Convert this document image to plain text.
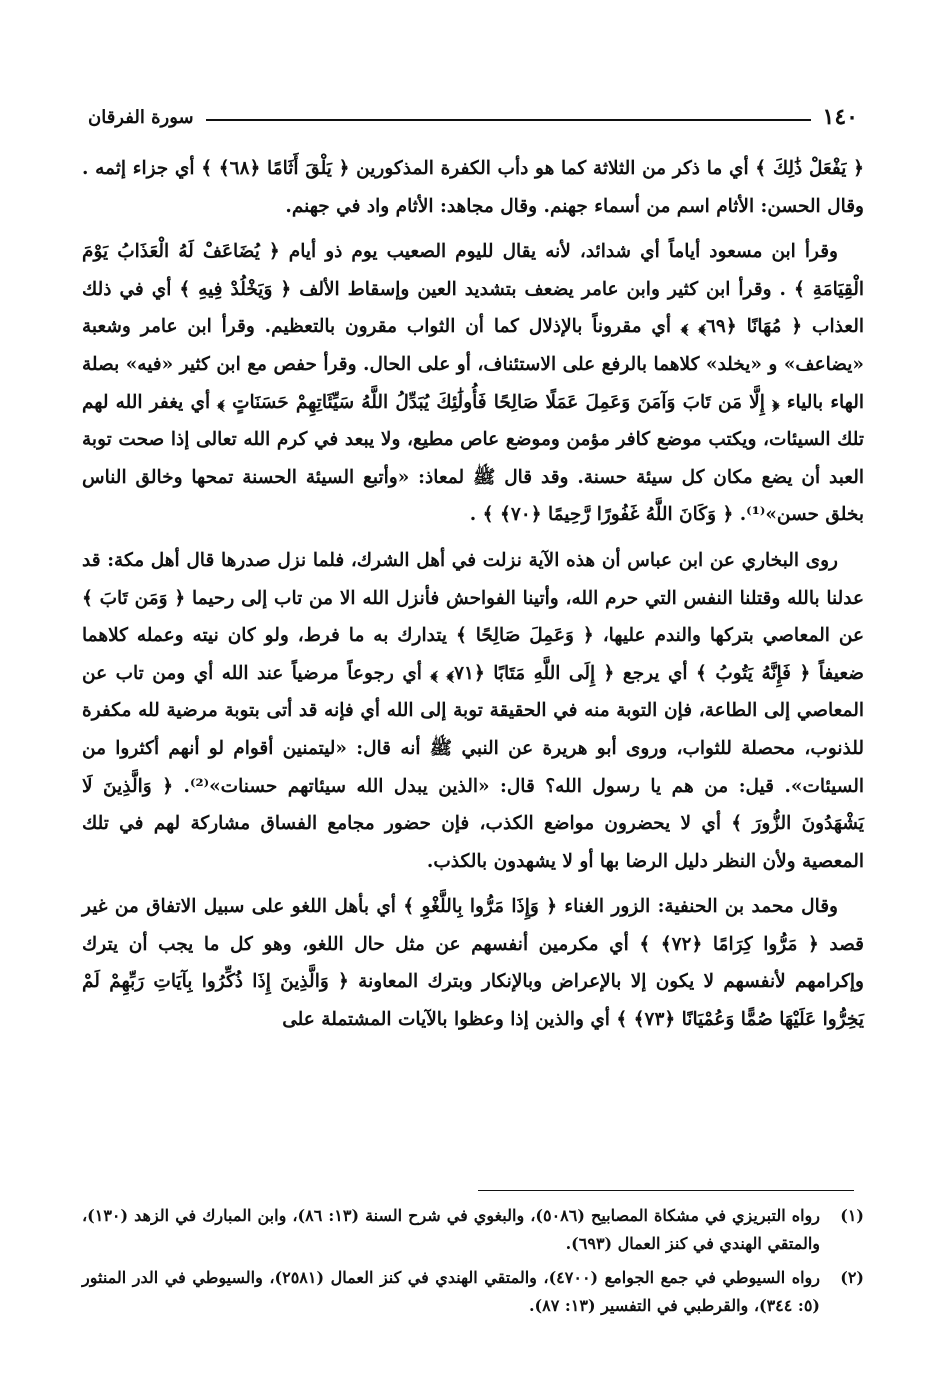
١٤٠
سورة الفرقان

﴿ يَفْعَلْ ذَٰلِكَ ﴾ أي ما ذكر من الثلاثة كما هو دأب الكفرة المذكورين ﴿ يَلْقَ أَثَامًا ﴿٦٨﴾ ﴾ أي جزاء إثمه . وقال الحسن: الأثام اسم من أسماء جهنم. وقال مجاهد: الأثام واد في جهنم.

وقرأ ابن مسعود أياماً أي شدائد، لأنه يقال لليوم الصعيب يوم ذو أيام ﴿ يُضَاعَفْ لَهُ الْعَذَابُ يَوْمَ الْقِيَامَةِ ﴾ . وقرأ ابن كثير وابن عامر يضعف بتشديد العين وإسقاط الألف ﴿ وَيَخْلُدْ فِيهِ ﴾ أي في ذلك العذاب ﴿ مُهَانًا ﴿٦٩﴾ ﴾ أي مقروناً بالإذلال كما أن الثواب مقرون بالتعظيم. وقرأ ابن عامر وشعبة «يضاعف» و «يخلد» كلاهما بالرفع على الاستئناف، أو على الحال. وقرأ حفص مع ابن كثير «فيه» بصلة الهاء بالياء ﴿ إِلَّا مَن تَابَ وَآمَنَ وَعَمِلَ عَمَلًا صَالِحًا فَأُولَٰئِكَ يُبَدِّلُ اللَّهُ سَيِّئَاتِهِمْ حَسَنَاتٍ ﴾ أي يغفر الله لهم تلك السيئات، ويكتب موضع كافر مؤمن وموضع عاص مطيع، ولا يبعد في كرم الله تعالى إذا صحت توبة العبد أن يضع مكان كل سيئة حسنة. وقد قال ﷺ لمعاذ: «وأتبع السيئة الحسنة تمحها وخالق الناس بخلق حسن»⁽¹⁾. ﴿ وَكَانَ اللَّهُ غَفُورًا رَّحِيمًا ﴿٧٠﴾ ﴾ .

روى البخاري عن ابن عباس أن هذه الآية نزلت في أهل الشرك، فلما نزل صدرها قال أهل مكة: قد عدلنا بالله وقتلنا النفس التي حرم الله، وأتينا الفواحش فأنزل الله الا من تاب إلى رحيما ﴿ وَمَن تَابَ ﴾ عن المعاصي بتركها والندم عليها، ﴿ وَعَمِلَ صَالِحًا ﴾ يتدارك به ما فرط، ولو كان نيته وعمله كلاهما ضعيفاً ﴿ فَإِنَّهُ يَتُوبُ ﴾ أي يرجع ﴿ إِلَى اللَّهِ مَتَابًا ﴿٧١﴾ ﴾ أي رجوعاً مرضياً عند الله أي ومن تاب عن المعاصي إلى الطاعة، فإن التوبة منه في الحقيقة توبة إلى الله أي فإنه قد أتى بتوبة مرضية لله مكفرة للذنوب، محصلة للثواب، وروى أبو هريرة عن النبي ﷺ أنه قال: «ليتمنين أقوام لو أنهم أكثروا من السيئات». قيل: من هم يا رسول الله؟ قال: «الذين يبدل الله سيئاتهم حسنات»⁽²⁾. ﴿ وَالَّذِينَ لَا يَشْهَدُونَ الزُّورَ ﴾ أي لا يحضرون مواضع الكذب، فإن حضور مجامع الفساق مشاركة لهم في تلك المعصية ولأن النظر دليل الرضا بها أو لا يشهدون بالكذب.

وقال محمد بن الحنفية: الزور الغناء ﴿ وَإِذَا مَرُّوا بِاللَّغْوِ ﴾ أي بأهل اللغو على سبيل الاتفاق من غير قصد ﴿ مَرُّوا كِرَامًا ﴿٧٢﴾ ﴾ أي مكرمين أنفسهم عن مثل حال اللغو، وهو كل ما يجب أن يترك وإكرامهم لأنفسهم لا يكون إلا بالإعراض وبالإنكار وبترك المعاونة ﴿ وَالَّذِينَ إِذَا ذُكِّرُوا بِآيَاتِ رَبِّهِمْ لَمْ يَخِرُّوا عَلَيْهَا صُمًّا وَعُمْيَانًا ﴿٧٣﴾ ﴾ أي والذين إذا وعظوا بالآيات المشتملة على

(١)
رواه التبريزي في مشكاة المصابيح (٥٠٨٦)، والبغوي في شرح السنة (١٣: ٨٦)، وابن المبارك في الزهد (١٣٠)، والمتقي الهندي في كنز العمال (٦٩٣).
(٢)
رواه السيوطي في جمع الجوامع (٤٧٠٠)، والمتقي الهندي في كنز العمال (٢٥٨١)، والسيوطي في الدر المنثور (٥: ٣٤٤)، والقرطبي في التفسير (١٣: ٨٧).
